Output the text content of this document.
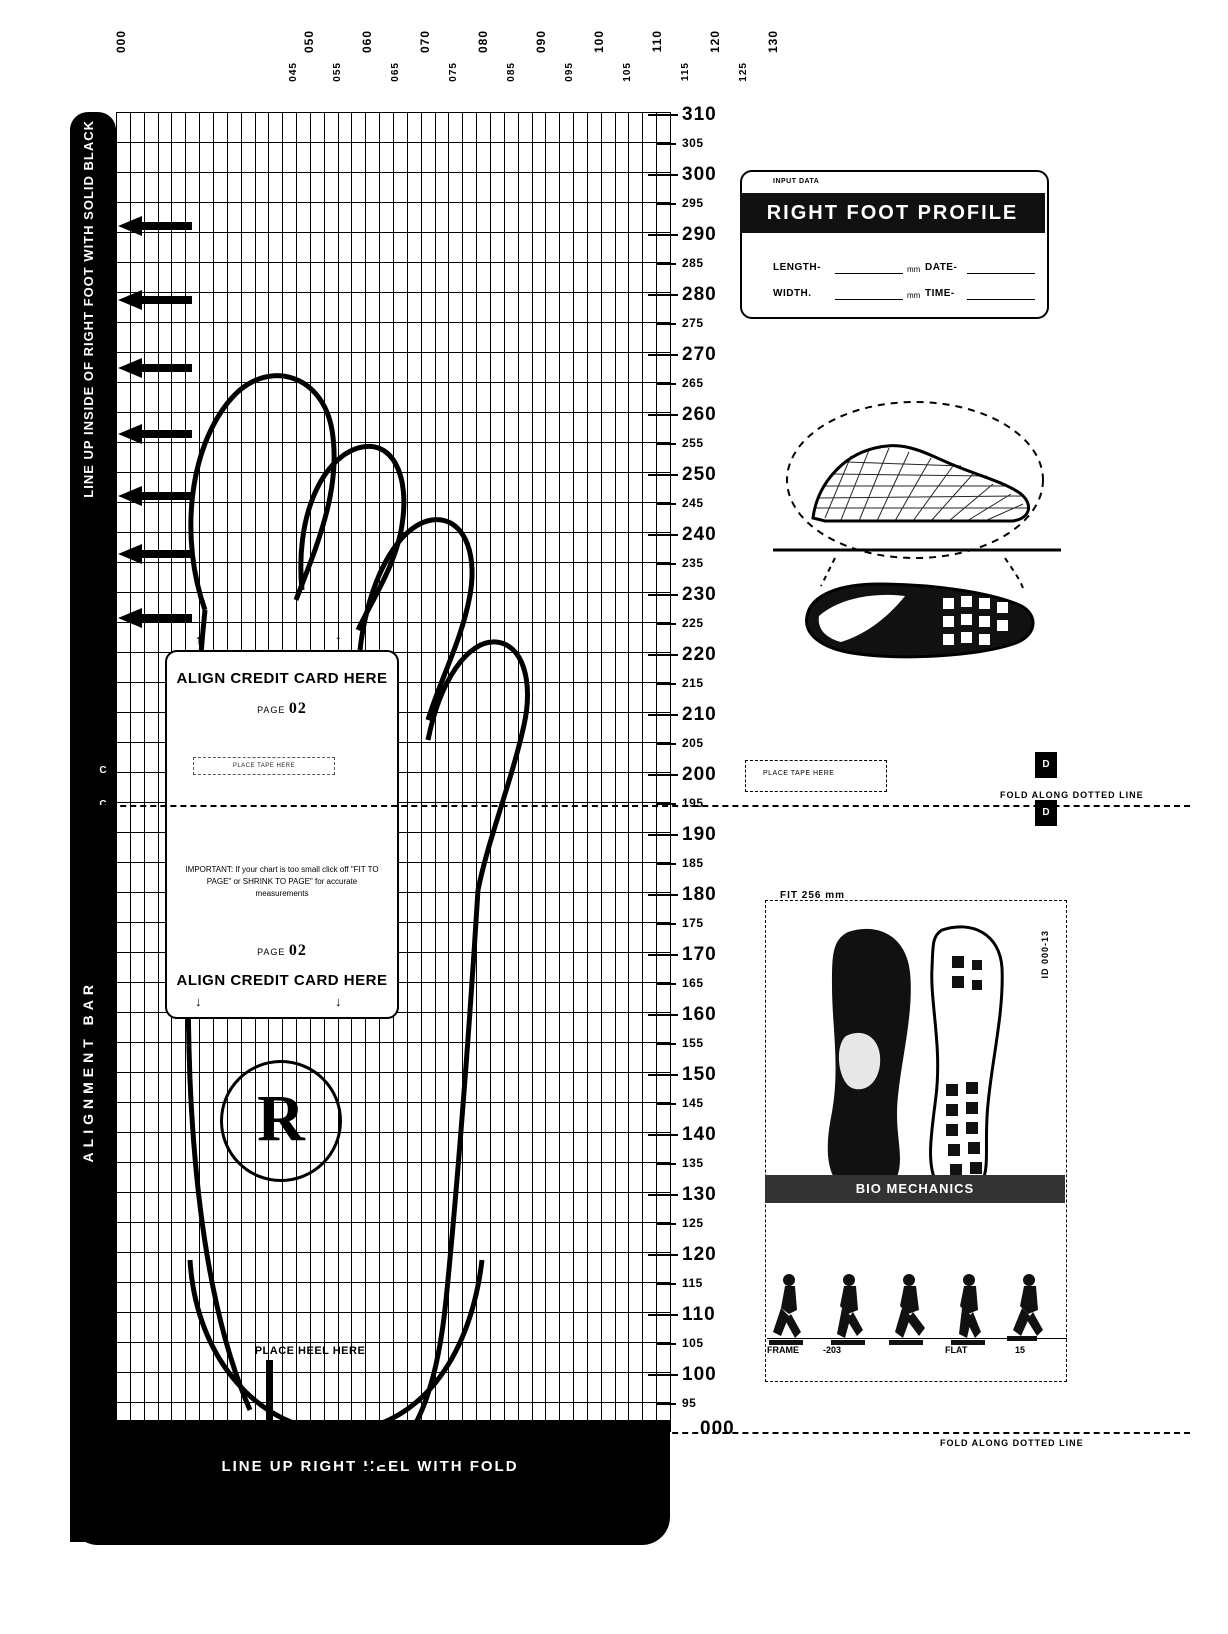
LINE UP INSIDE OF RIGHT FOOT WITH SOLID BLACK
ALIGNMENT BAR
LINE UP RIGHT HEEL WITH FOLD
↑	↑
ALIGN CREDIT CARD HERE
PAGE 02
PLACE TAPE HERE
IMPORTANT: If your chart is too small click off "FIT TO PAGE" or SHRINK TO PAGE" for accurate measurements
PAGE 02
ALIGN CREDIT CARD HERE
↓	↓
R
PLACE HEEL HERE
C
C
000	050	060	070	080	090	100	110	120	130
045	055	065	075	085	095	105	115	125
310
300
290
280
270
260
250
240
230
220
210
200
190
180
170
160
150
140
130
120
110
100
305
295
285
275
265
255
245
235
225
215
205
195
185
175
165
155
145
135
125
115
105
95
FOLD ALONG DOTTED LINE
FOLD ALONG DOTTED LINE
000
INPUT DATA
RIGHT FOOT PROFILE
LENGTH-	mm
WIDTH.	mm
DATE-
TIME-
PLACE TAPE HERE
D
D
FIT 256 mm
ID 000-13
BIO MECHANICS
FRAME	-203	FLAT	15
